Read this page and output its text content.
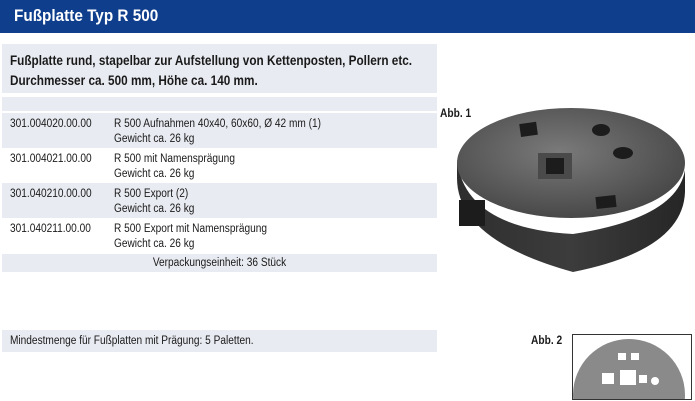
Fußplatte Typ R 500
Fußplatte rund, stapelbar zur Aufstellung von Kettenposten, Pollern etc.
Durchmesser ca. 500 mm, Höhe ca. 140 mm.
301.004020.00.00 R 500 Aufnahmen 40x40, 60x60, Ø 42 mm (1)
Gewicht ca. 26 kg
301.004021.00.00 R 500 mit Namensprägung
Gewicht ca. 26 kg
301.040210.00.00 R 500 Export (2)
Gewicht ca. 26 kg
301.040211.00.00 R 500 Export mit Namensprägung
Gewicht ca. 26 kg
Verpackungseinheit: 36 Stück
Mindestmenge für Fußplatten mit Prägung: 5 Paletten.
Abb. 1
Abb. 2
